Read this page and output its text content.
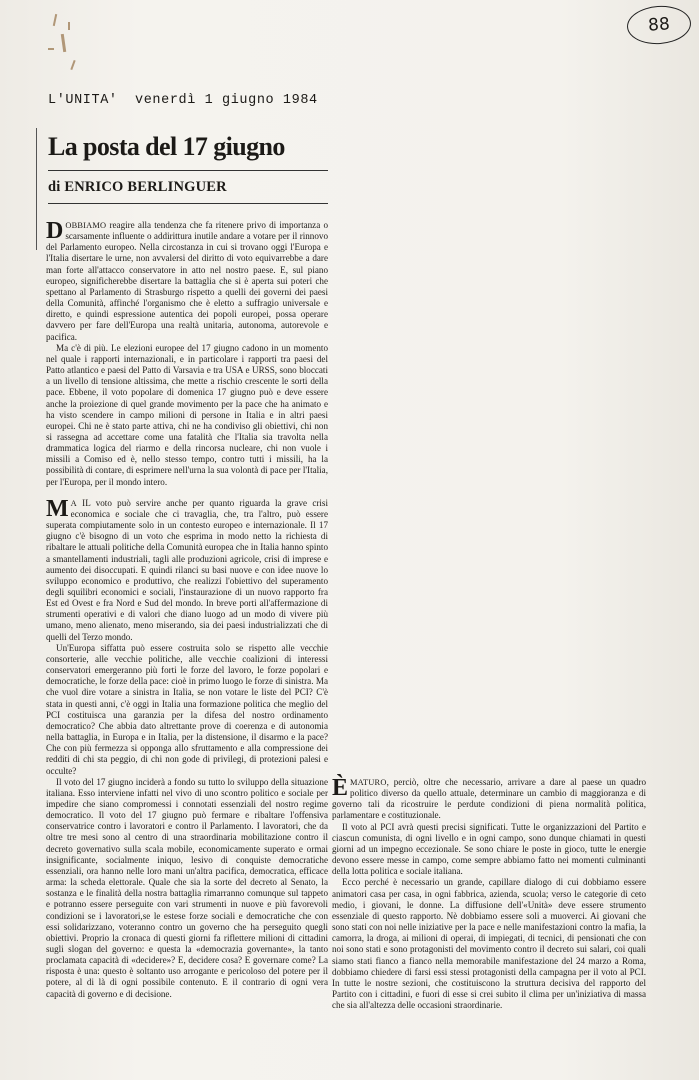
88
L'UNITA'  venerdì 1 giugno 1984
La posta del 17 giugno
di ENRICO BERLINGUER

DOBBIAMO reagire alla tendenza che fa ritenere privo di importanza o scarsamente influente o addirittura inutile andare a votare per il rinnovo del Parlamento europeo. Nella circostanza in cui si trovano oggi l'Europa e l'Italia disertare le urne, non avvalersi del diritto di voto equivarrebbe a dare man forte all'attacco conservatore in atto nel nostro paese. E, sul piano europeo, significherebbe disertare la battaglia che si è aperta sui poteri che spettano al Parlamento di Strasburgo rispetto a quelli dei governi dei paesi della Comunità, affinché l'organismo che è eletto a suffragio universale e diretto, e quindi espressione autentica dei popoli europei, possa operare davvero per fare dell'Europa una realtà unitaria, autonoma, autorevole e pacifica.

Ma c'è di più. Le elezioni europee del 17 giugno cadono in un momento nel quale i rapporti internazionali, e in particolare i rapporti tra paesi del Patto atlantico e paesi del Patto di Varsavia e tra USA e URSS, sono bloccati a un livello di tensione altissima, che mette a rischio crescente le sorti della pace. Ebbene, il voto popolare di domenica 17 giugno può e deve essere anche la proiezione di quel grande movimento per la pace che ha animato e ha visto scendere in campo milioni di persone in Italia e in altri paesi europei. Chi ne è stato parte attiva, chi ne ha condiviso gli obiettivi, chi non si rassegna ad accettare come una fatalità che l'Italia sia travolta nella drammatica logica del riarmo e della rincorsa nucleare, chi non vuole i missili a Comiso ed è, nello stesso tempo, contro tutti i missili, ha la possibilità di contare, di esprimere nell'urna la sua volontà di pace per l'Italia, per l'Europa, per il mondo intero.

M A IL voto può servire anche per quanto riguarda la grave crisi economica e sociale che ci travaglia, che, tra l'altro, può essere superata compiutamente solo in un contesto europeo e internazionale. Il 17 giugno c'è bisogno di un voto che esprima in modo netto la richiesta di ribaltare le attuali politiche della Comunità europea che in Italia hanno spinto a smantellamenti industriali, tagli alle produzioni agricole, crisi di imprese e aumento dei disoccupati. E quindi rilanci su basi nuove e con idee nuove lo sviluppo economico e produttivo, che realizzi l'obiettivo del superamento degli squilibri economici e sociali, l'instaurazione di un nuovo rapporto fra Est ed Ovest e fra Nord e Sud del mondo. In breve porti all'affermazione di strumenti operativi e di valori che diano luogo ad un modo di vivere più umano, meno alienato, meno miserando, sia dei paesi industrializzati che di quelli del Terzo mondo.

Un'Europa siffatta può essere costruita solo se rispetto alle vecchie consorterie, alle vecchie politiche, alle vecchie coalizioni di interessi conservatori emergeranno più forti le forze del lavoro, le forze popolari e democratiche, le forze della pace: cioè in primo luogo le forze di sinistra. Ma che vuol dire votare a sinistra in Italia, se non votare le liste del PCI? C'è stata in questi anni, c'è oggi in Italia una formazione politica che meglio del PCI costituisca una garanzia per la difesa del nostro ordinamento democratico? Che abbia dato altrettante prove di coerenza e di autonomia nella battaglia, in Europa e in Italia, per la distensione, il disarmo e la pace? Che con più fermezza si opponga allo sfruttamento e alla compressione dei redditi di chi sta peggio, di chi non gode di privilegi, di protezioni palesi e occulte?

Il voto del 17 giugno inciderà a fondo su tutto lo sviluppo della situazione italiana. Esso interviene infatti nel vivo di uno scontro politico e sociale per impedire che siano compromessi i connotati essenziali del nostro regime democratico. Il voto del 17 giugno può fermare e ribaltare l'offensiva conservatrice contro i lavoratori e contro il Parlamento. I lavoratori, che da oltre tre mesi sono al centro di una straordinaria mobilitazione contro il decreto governativo sulla scala mobile, economicamente superato e ormai insignificante, socialmente iniquo, lesivo di conquiste democratiche essenziali, ora hanno nelle loro mani un'altra pacifica, democratica, efficace arma: la scheda elettorale. Quale che sia la sorte del decreto al Senato, la sostanza e le finalità della nostra battaglia rimarranno comunque sul tappeto e potranno essere perseguite con vari strumenti in nuove e più favorevoli condizioni se i lavoratori,se le estese forze sociali e democratiche che con essi solidarizzano, voteranno contro un governo che ha perseguito quegli obiettivi. Proprio la cronaca di questi giorni fa riflettere milioni di cittadini sugli slogan del governo: e questa la «democrazia governante», la tanto proclamata capacità di «decidere»? E, decidere cosa? E governare come? La risposta è una: questo è soltanto uso arrogante e pericoloso del potere per il potere, al di là di ogni possibile contenuto. E il contrario di ogni vera capacità di governo e di decisione.

ÈMATURO, perciò, oltre che necessario, arrivare a dare al paese un quadro politico diverso da quello attuale, determinare un cambio di maggioranza e di governo tali da ricostruire le perdute condizioni di piena normalità politica, parlamentare e costituzionale.

Il voto al PCI avrà questi precisi significati. Tutte le organizzazioni del Partito e ciascun comunista, di ogni livello e in ogni campo, sono dunque chiamati in questi giorni ad un impegno eccezionale. Se sono chiare le poste in gioco, tutte le energie devono essere messe in campo, come sempre abbiamo fatto nei momenti culminanti della lotta politica e sociale italiana.

Ecco perché è necessario un grande, capillare dialogo di cui dobbiamo essere animatori casa per casa, in ogni fabbrica, azienda, scuola; verso le categorie di ceto medio, i giovani, le donne. La diffusione dell'«Unità» deve essere strumento essenziale di questo rapporto. Nè dobbiamo essere soli a muoverci. Ai giovani che sono stati con noi nelle iniziative per la pace e nelle manifestazioni contro la mafia, la camorra, la droga, ai milioni di operai, di impiegati, di tecnici, di pensionati che con noi sono stati e sono protagonisti del movimento contro il decreto sui salari, coi quali siamo stati fianco a fianco nella memorabile manifestazione del 24 marzo a Roma, dobbiamo chiedere di farsi essi stessi protagonisti della campagna per il voto al PCI. In tutte le nostre sezioni, che costituiscono la struttura decisiva del rapporto del Partito con i cittadini, e fuori di esse si crei subito il clima per un'iniziativa di massa che sia all'altezza delle occasioni straordinarie.
